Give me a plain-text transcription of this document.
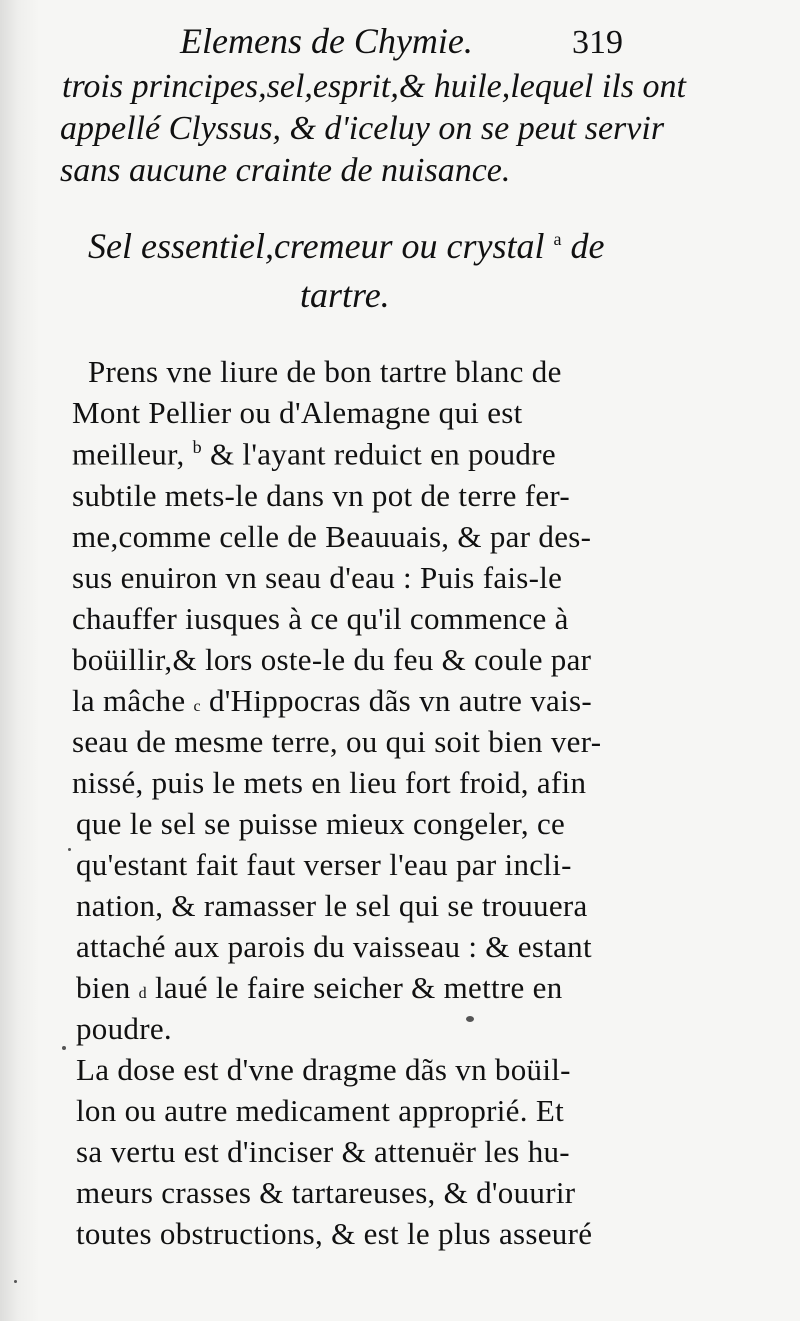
Elemens de Chymie.	319
trois principes,sel,esprit,& huile,lequel ils ont
appellé Clyssus, & d'iceluy on se peut servir
sans aucune crainte de nuisance.
Sel essentiel,cremeur ou crystal $^a$ de
tartre.
Prens vne liure de bon tartre blanc de
Mont Pellier ou d'Alemagne qui est
meilleur, $^b$ & l'ayant reduict en poudre
subtile mets-le dans vn pot de terre fer-
me,comme celle de Beauuais, & par des-
sus enuiron vn seau d'eau : Puis fais-le
chauffer iusques à ce qu'il commence à
boüillir,& lors oste-le du feu & coule par
la mâche c d'Hippocras dãs vn autre vais-
seau de mesme terre, ou qui soit bien ver-
nissé, puis le mets en lieu fort froid, afin
que le sel se puisse mieux congeler, ce
qu'estant fait faut verser l'eau par incli-
nation, & ramasser le sel qui se trouuera
attaché aux parois du vaisseau : & estant
bien d laué le faire seicher & mettre en
poudre.
La dose est d'vne dragme dãs vn boüil-
lon ou autre medicament approprié. Et
sa vertu est d'inciser & attenuër les hu-
meurs crasses & tartareuses, & d'ouurir
toutes obstructions, & est le plus asseuré
